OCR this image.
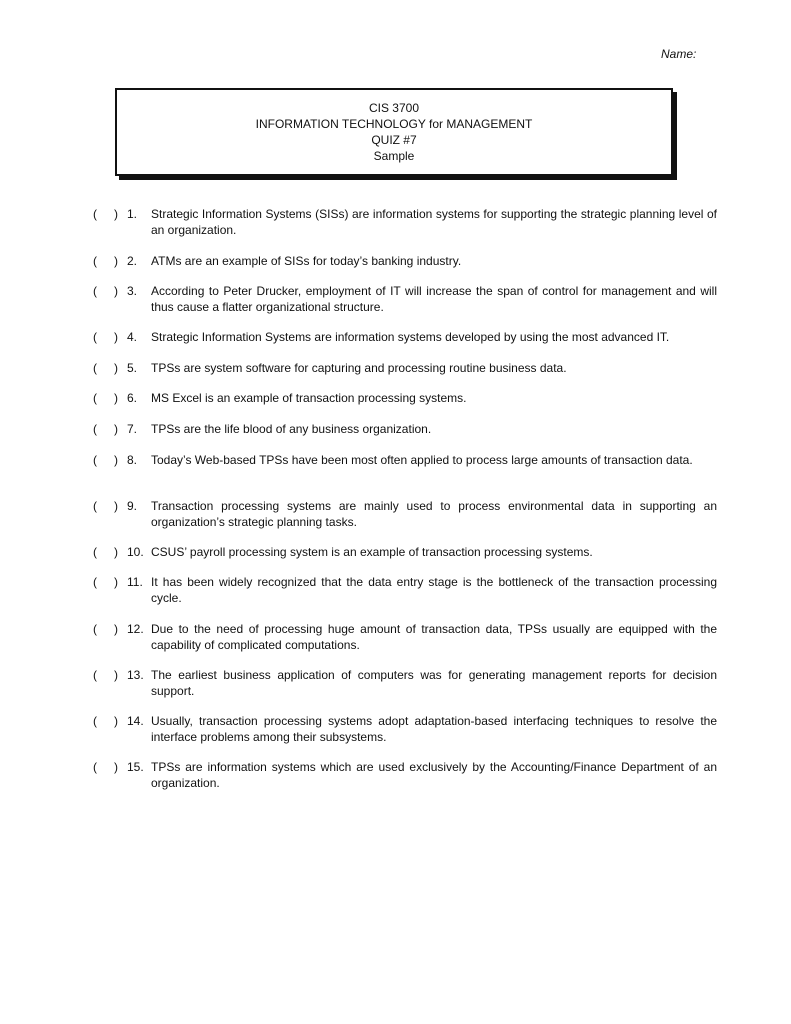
Name:
CIS 3700
INFORMATION TECHNOLOGY for MANAGEMENT
QUIZ #7
Sample
( ) 1. Strategic Information Systems (SISs) are information systems for supporting the strategic planning level of an organization.
( ) 2. ATMs are an example of SISs for today’s banking industry.
( ) 3. According to Peter Drucker, employment of IT will increase the span of control for management and will thus cause a flatter organizational structure.
( ) 4. Strategic Information Systems are information systems developed by using the most advanced IT.
( ) 5. TPSs are system software for capturing and processing routine business data.
( ) 6. MS Excel is an example of transaction processing systems.
( ) 7. TPSs are the life blood of any business organization.
( ) 8. Today’s Web-based TPSs have been most often applied to process large amounts of transaction data.
( ) 9. Transaction processing systems are mainly used to process environmental data in supporting an organization’s strategic planning tasks.
( ) 10. CSUS’ payroll processing system is an example of transaction processing systems.
( ) 11. It has been widely recognized that the data entry stage is the bottleneck of the transaction processing cycle.
( ) 12. Due to the need of processing huge amount of transaction data, TPSs usually are equipped with the capability of complicated computations.
( ) 13. The earliest business application of computers was for generating management reports for decision support.
( ) 14. Usually, transaction processing systems adopt adaptation-based interfacing techniques to resolve the interface problems among their subsystems.
( ) 15. TPSs are information systems which are used exclusively by the Accounting/Finance Department of an organization.
